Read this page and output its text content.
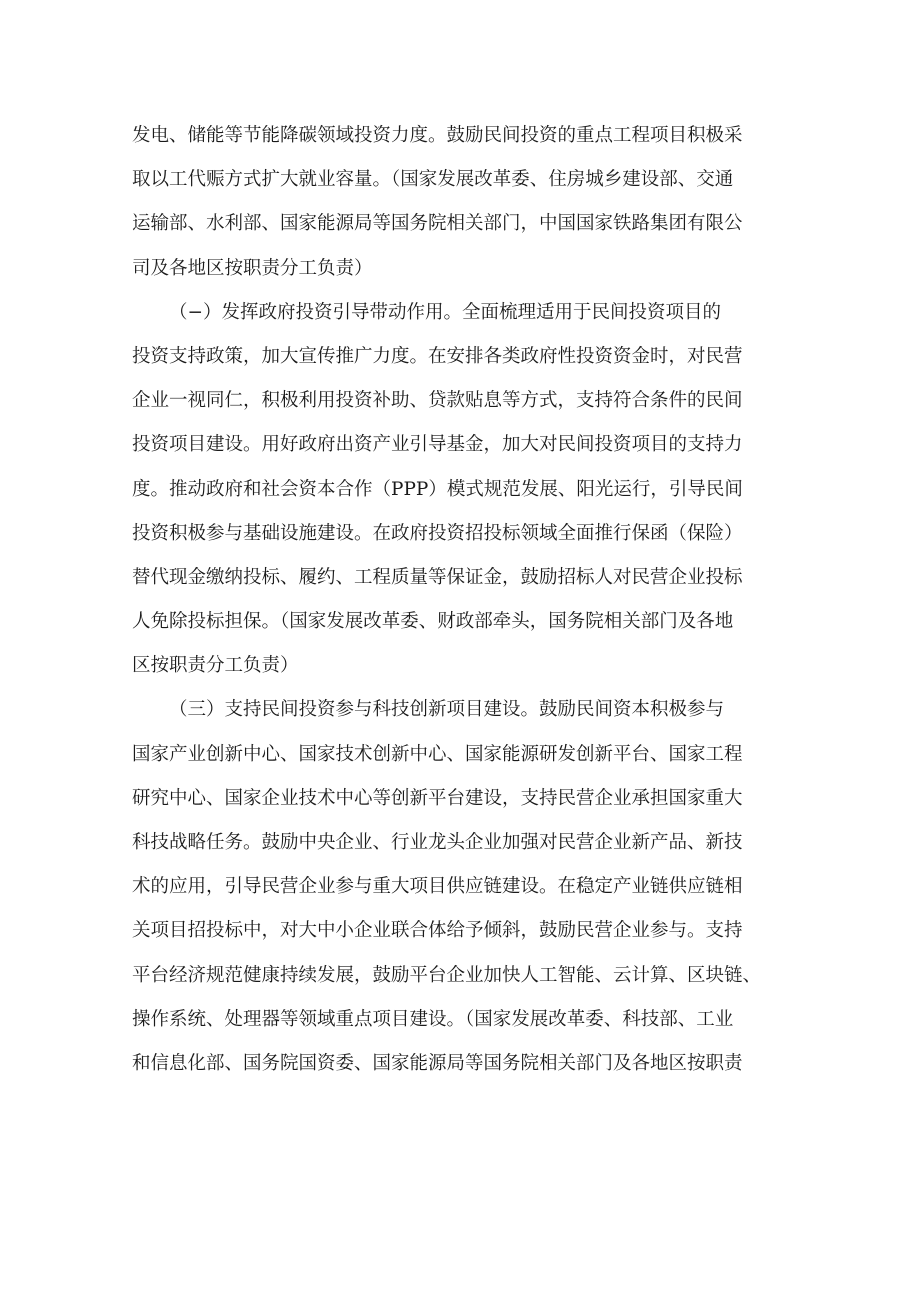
发电、储能等节能降碳领域投资力度。鼓励民间投资的重点工程项目积极采
取以工代赈方式扩大就业容量。（国家发展改革委、住房城乡建设部、交通
运输部、水利部、国家能源局等国务院相关部门，中国国家铁路集团有限公
司及各地区按职责分工负责）
（−）发挥政府投资引导带动作用。全面梳理适用于民间投资项目的
投资支持政策，加大宣传推广力度。在安排各类政府性投资资金时，对民营
企业一视同仁，积极利用投资补助、贷款贴息等方式，支持符合条件的民间
投资项目建设。用好政府出资产业引导基金，加大对民间投资项目的支持力
度。推动政府和社会资本合作（PPP）模式规范发展、阳光运行，引导民间
投资积极参与基础设施建设。在政府投资招投标领域全面推行保函（保险）
替代现金缴纳投标、履约、工程质量等保证金，鼓励招标人对民营企业投标
人免除投标担保。（国家发展改革委、财政部牵头，国务院相关部门及各地
区按职责分工负责）
（三）支持民间投资参与科技创新项目建设。鼓励民间资本积极参与
国家产业创新中心、国家技术创新中心、国家能源研发创新平台、国家工程
研究中心、国家企业技术中心等创新平台建设，支持民营企业承担国家重大
科技战略任务。鼓励中央企业、行业龙头企业加强对民营企业新产品、新技
术的应用，引导民营企业参与重大项目供应链建设。在稳定产业链供应链相
关项目招投标中，对大中小企业联合体给予倾斜，鼓励民营企业参与。支持
平台经济规范健康持续发展，鼓励平台企业加快人工智能、云计算、区块链、
操作系统、处理器等领域重点项目建设。（国家发展改革委、科技部、工业
和信息化部、国务院国资委、国家能源局等国务院相关部门及各地区按职责
